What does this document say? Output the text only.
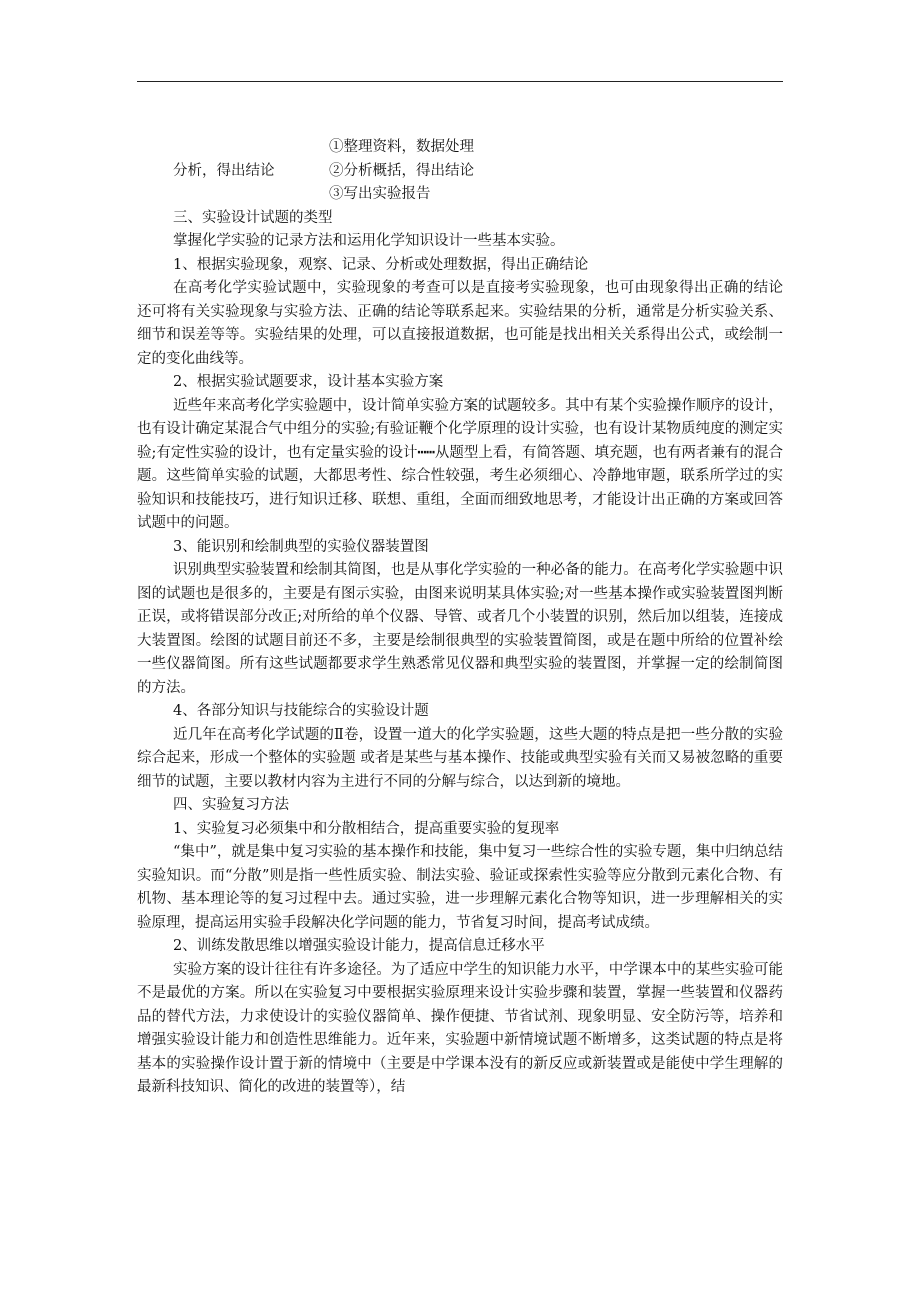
分析，得出结论
①整理资料，数据处理
②分析概括，得出结论
③写出实验报告

三、实验设计试题的类型

掌握化学实验的记录方法和运用化学知识设计一些基本实验。

1、根据实验现象，观察、记录、分析或处理数据，得出正确结论

在高考化学实验试题中，实验现象的考查可以是直接考实验现象，也可由现象得出正确的结论 还可将有关实验现象与实验方法、正确的结论等联系起来。实验结果的分析，通常是分析实验关系、细节和误差等等。实验结果的处理，可以直接报道数据，也可能是找出相关关系得出公式，或绘制一定的变化曲线等。

2、根据实验试题要求，设计基本实验方案

近些年来高考化学实验题中，设计简单实验方案的试题较多。其中有某个实验操作顺序的设计，也有设计确定某混合气中组分的实验;有验证鞭个化学原理的设计实验，也有设计某物质纯度的测定实验;有定性实验的设计，也有定量实验的设计┅┅从题型上看，有简答题、填充题，也有两者兼有的混合题。这些简单实验的试题，大都思考性、综合性较强，考生必须细心、冷静地审题，联系所学过的实验知识和技能技巧，进行知识迁移、联想、重组，全面而细致地思考，才能设计出正确的方案或回答试题中的问题。

3、能识别和绘制典型的实验仪器装置图

识别典型实验装置和绘制其简图，也是从事化学实验的一种必备的能力。在高考化学实验题中识图的试题也是很多的，主要是有图示实验，由图来说明某具体实验;对一些基本操作或实验装置图判断正误，或将错误部分改正;对所给的单个仪器、导管、或者几个小装置的识别，然后加以组装，连接成大装置图。绘图的试题目前还不多，主要是绘制很典型的实验装置简图，或是在题中所给的位置补绘一些仪器简图。所有这些试题都要求学生熟悉常见仪器和典型实验的装置图，并掌握一定的绘制简图的方法。

4、各部分知识与技能综合的实验设计题

近几年在高考化学试题的Ⅱ卷，设置一道大的化学实验题，这些大题的特点是把一些分散的实验综合起来，形成一个整体的实验题 或者是某些与基本操作、技能或典型实验有关而又易被忽略的重要细节的试题，主要以教材内容为主进行不同的分解与综合，以达到新的境地。

四、实验复习方法

1、实验复习必须集中和分散相结合，提高重要实验的复现率

“集中”，就是集中复习实验的基本操作和技能，集中复习一些综合性的实验专题，集中归纳总结实验知识。而“分散”则是指一些性质实验、制法实验、验证或探索性实验等应分散到元素化合物、有机物、基本理论等的复习过程中去。通过实验，进一步理解元素化合物等知识，进一步理解相关的实验原理，提高运用实验手段解决化学问题的能力，节省复习时间，提高考试成绩。

2、训练发散思维以增强实验设计能力，提高信息迁移水平

实验方案的设计往往有许多途径。为了适应中学生的知识能力水平，中学课本中的某些实验可能不是最优的方案。所以在实验复习中要根据实验原理来设计实验步骤和装置，掌握一些装置和仪器药品的替代方法，力求使设计的实验仪器简单、操作便捷、节省试剂、现象明显、安全防污等，培养和增强实验设计能力和创造性思维能力。近年来，实验题中新情境试题不断增多，这类试题的特点是将基本的实验操作设计置于新的情境中（主要是中学课本没有的新反应或新装置或是能使中学生理解的最新科技知识、简化的改进的装置等），结
